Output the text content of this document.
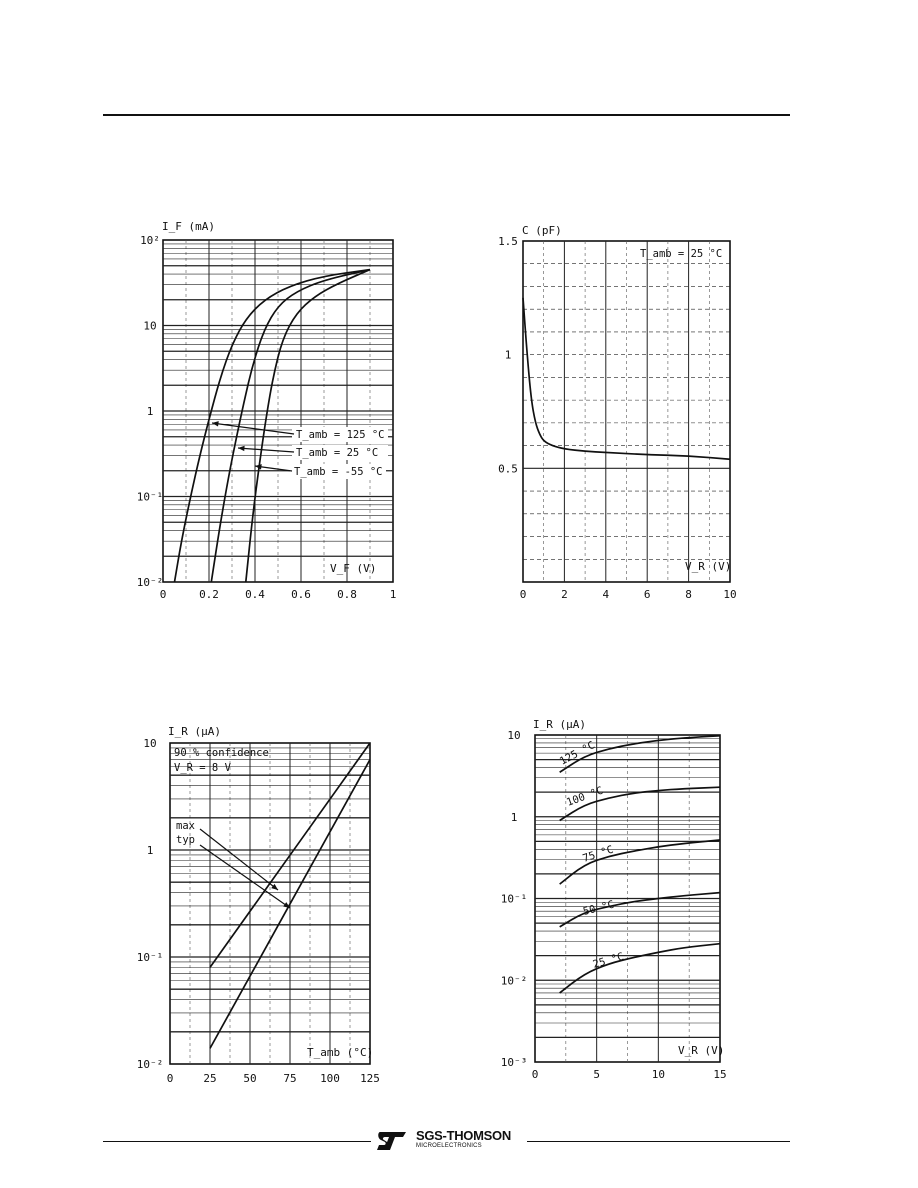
0	0.2 0.4 0.6 0.8	1
10²
10
1
10⁻¹
10⁻²
I_F (mA)
V_F (V)
T_amb = 125 °C
T_amb = 25 °C
T_amb = -55 °C
0	2	4	6	8	10
1.5
1
0.5
C (pF)
V_R (V)
T_amb = 25 °C
0	25 50 75 100 125
10
1
10⁻¹
10⁻²
I_R (µA)
T_amb (°C)
90 % confidence
V_R = 8 V
max
typ
0	5	10	15
10
1
10⁻¹
10⁻²
10⁻³
I_R (µA)
V_R (V)
125 °C
100 °C
75 °C
50 °C
25 °C
SGS-THOMSON
MICROELECTRONICS
